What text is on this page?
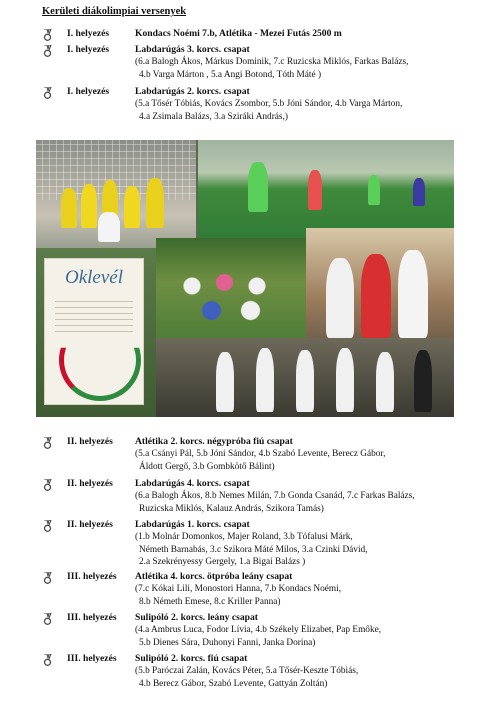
Kerületi diákolimpiai versenyek
I. helyezés	Kondacs Noémi 7.b, Atlétika - Mezei Futás 2500 m
I. helyezés	Labdarúgás 3. korcs. csapat
(6.a Balogh Ákos, Márkus Dominik, 7.c Ruzicska Miklós, Farkas Balázs,
4.b Varga Márton , 5.a Angi Botond, Tóth Máté )
I. helyezés	Labdarúgás 2. korcs. csapat
(5.a Tősér Tóbiás, Kovács Zsombor, 5.b Jóni Sándor, 4.b Varga Márton,
4.a Zsimala Balázs, 3.a Sziráki András,)
Oklevél
II. helyezés Atlétika 2. korcs. négypróba fiú csapat
(5.a Csányi Pál, 5.b Jóni Sándor, 4.b Szabó Levente, Berecz Gábor,
Áldott Gergő, 3.b Gombkötő Bálint)
II. helyezés Labdarúgás 4. korcs. csapat
(6.a Balogh Ákos, 8.b Nemes Milán, 7.b Gonda Csanád, 7.c Farkas Balázs,
Ruzicska Miklós, Kalauz András, Szikora Tamás)
II. helyezés Labdarúgás 1. korcs. csapat
(1.b Molnár Domonkos, Majer Roland, 3.b Tófalusi Márk,
Németh Barnabás, 3.c Szikora Máté Milos, 3.a Czinki Dávid,
2.a Szekrényessy Gergely, 1.a Bigai Balázs )
III. helyezés Atlétika 4. korcs. ötpróba leány csapat
(7.c Kókai Lili, Monostori Hanna, 7.b Kondacs Noémi,
8.b Németh Emese, 8.c Kriller Panna)
III. helyezés Sulipóló 2. korcs. leány csapat
(4.a Ambrus Luca, Fodor Lívia, 4.b Székely Elizabet, Pap Emőke,
5.b Dienes Sára, Duhonyi Fanni, Janka Dorina)
III. helyezés Sulipóló 2. korcs. fiú csapat
(5.b Paróczai Zalán, Kovács Péter, 5.a Tősér-Keszte Tóbiás,
4.b Berecz Gábor, Szabó Levente, Gattyán Zoltán)
